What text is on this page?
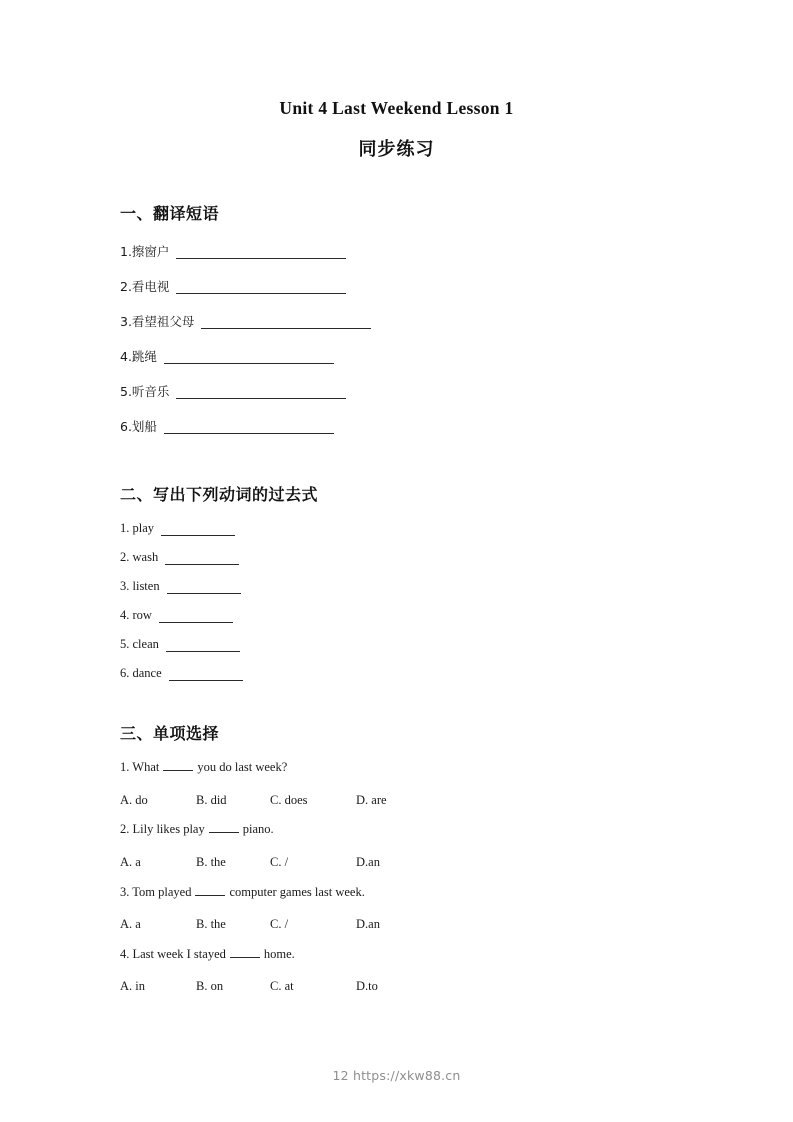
Unit 4 Last Weekend Lesson 1
同步练习
一、翻译短语
1.擦窗户
2.看电视
3.看望祖父母
4.跳绳
5.听音乐
6.划船
二、写出下列动词的过去式
1. play
2. wash
3. listen
4. row
5. clean
6. dance
三、单项选择
1. What	you do last week?
A. do	B. did	C. does	D. are
2. Lily likes play	piano.
A. a	B. the	C. /	D.an
3. Tom played	computer games last week.
A. a	B. the	C. /	D.an
4. Last week I stayed	home.
A. in	B. on	C. at	D.to
12 https://xkw88.cn
